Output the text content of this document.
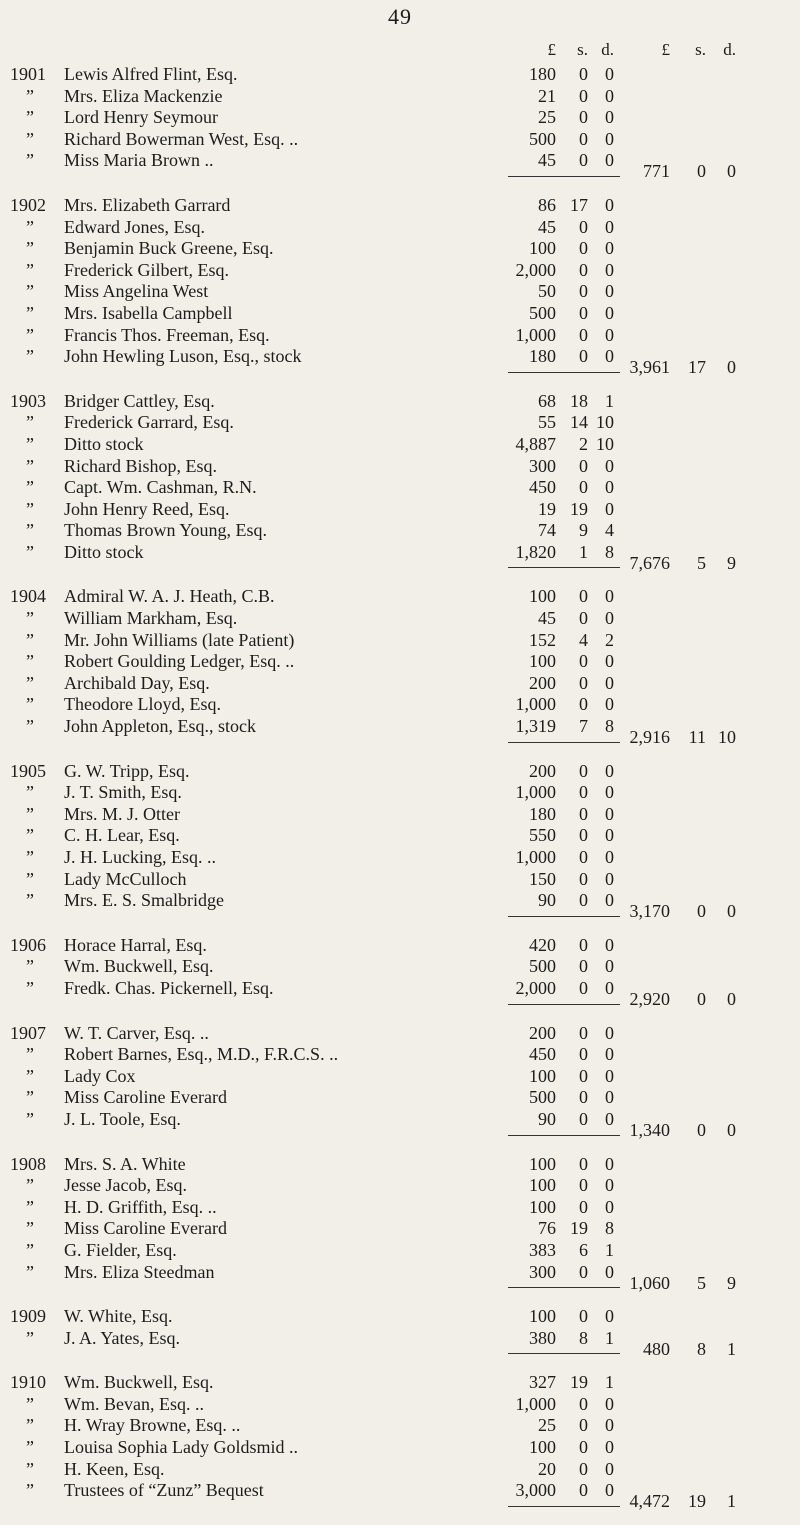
49
£	s. d.	£	s.	d.
1901	Lewis Alfred Flint, Esq.	180	0 0
”	Mrs. Eliza Mackenzie	21	0 0
”	Lord Henry Seymour	25	0 0
”	Richard Bowerman West, Esq. ..	500	0 0
”	Miss Maria Brown ..	45	0 0
771	0	0
1902	Mrs. Elizabeth Garrard	86 17 0
”	Edward Jones, Esq.	45	0 0
”	Benjamin Buck Greene, Esq.	100	0 0
”	Frederick Gilbert, Esq.	2,000	0 0
”	Miss Angelina West	50	0 0
”	Mrs. Isabella Campbell	500	0 0
”	Francis Thos. Freeman, Esq.	1,000	0 0
”	John Hewling Luson, Esq., stock	180	0 0
3,961	17	0
1903	Bridger Cattley, Esq.	68 18 1
”	Frederick Garrard, Esq.	55 14 10
”	Ditto stock	4,887	2 10
”	Richard Bishop, Esq.	300	0 0
”	Capt. Wm. Cashman, R.N.	450	0 0
”	John Henry Reed, Esq.	19 19 0
”	Thomas Brown Young, Esq.	74	9 4
”	Ditto stock	1,820	1 8
7,676	5	9
1904	Admiral W. A. J. Heath, C.B.	100	0 0
”	William Markham, Esq.	45	0 0
”	Mr. John Williams (late Patient)	152	4 2
”	Robert Goulding Ledger, Esq. ..	100	0 0
”	Archibald Day, Esq.	200	0 0
”	Theodore Lloyd, Esq.	1,000	0 0
”	John Appleton, Esq., stock	1,319	7 8
2,916	11 10
1905	G. W. Tripp, Esq.	200	0 0
”	J. T. Smith, Esq.	1,000	0 0
”	Mrs. M. J. Otter	180	0 0
”	C. H. Lear, Esq.	550	0 0
”	J. H. Lucking, Esq. ..	1,000	0 0
”	Lady McCulloch	150	0 0
”	Mrs. E. S. Smalbridge	90	0 0
3,170	0	0
1906	Horace Harral, Esq.	420	0 0
”	Wm. Buckwell, Esq.	500	0 0
”	Fredk. Chas. Pickernell, Esq.	2,000	0 0
2,920	0	0
1907	W. T. Carver, Esq. ..	200	0 0
”	Robert Barnes, Esq., M.D., F.R.C.S. ..	450	0 0
”	Lady Cox	100	0 0
”	Miss Caroline Everard	500	0 0
”	J. L. Toole, Esq.	90	0 0
1,340	0	0
1908	Mrs. S. A. White	100	0 0
”	Jesse Jacob, Esq.	100	0 0
”	H. D. Griffith, Esq. ..	100	0 0
”	Miss Caroline Everard	76 19 8
”	G. Fielder, Esq.	383	6 1
”	Mrs. Eliza Steedman	300	0 0
1,060	5	9
1909	W. White, Esq.	100	0 0
”	J. A. Yates, Esq.	380	8 1
480	8	1
1910	Wm. Buckwell, Esq.	327 19 1
”	Wm. Bevan, Esq. ..	1,000	0 0
”	H. Wray Browne, Esq. ..	25	0 0
”	Louisa Sophia Lady Goldsmid ..	100	0 0
”	H. Keen, Esq.	20	0 0
”	Trustees of “Zunz” Bequest	3,000	0 0
4,472	19	1
